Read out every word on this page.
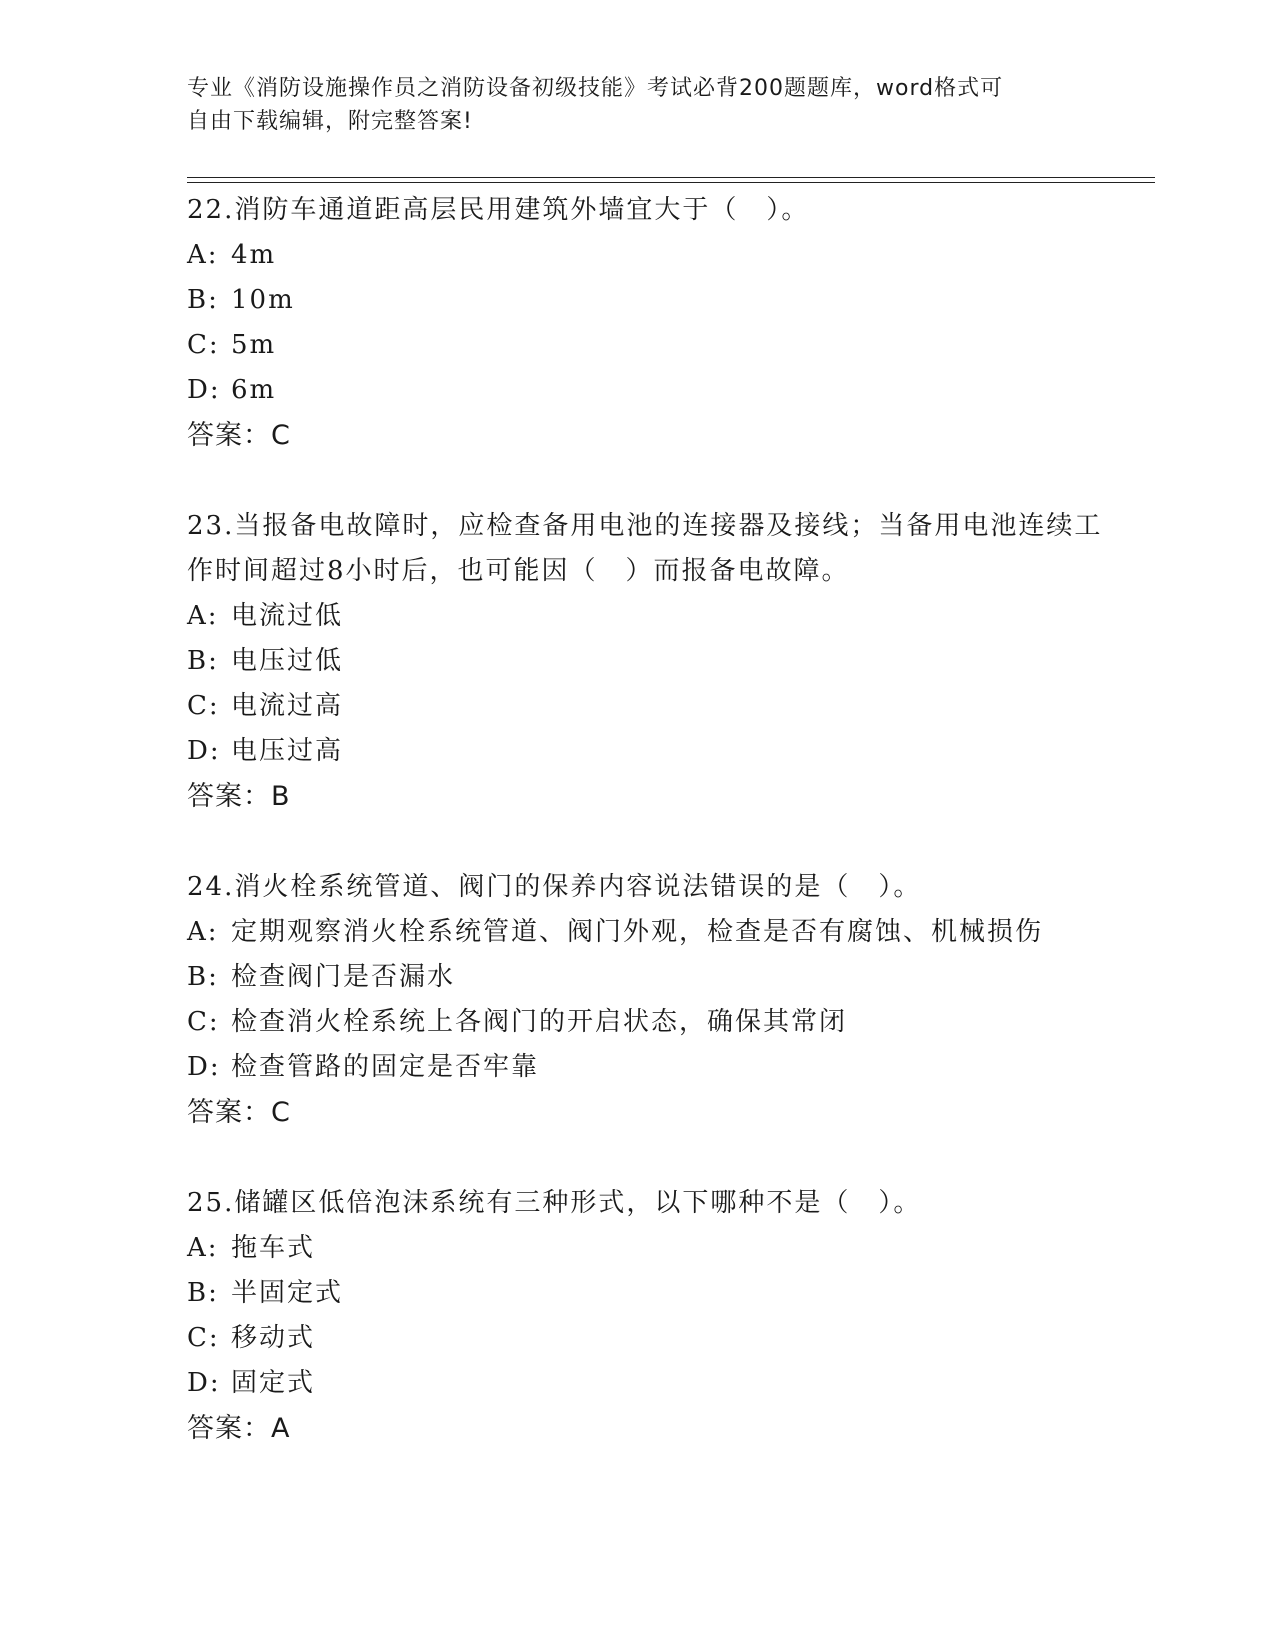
专业《消防设施操作员之消防设备初级技能》考试必背200题题库，word格式可
自由下载编辑，附完整答案!

22.消防车通道距高层民用建筑外墙宜大于（　）。

A: 4m

B: 10m

C: 5m

D: 6m

答案：C

23.当报备电故障时，应检查备用电池的连接器及接线；当备用电池连续工作时间超过8小时后，也可能因（　）而报备电故障。

A: 电流过低

B: 电压过低

C: 电流过高

D: 电压过高

答案：B

24.消火栓系统管道、阀门的保养内容说法错误的是（　）。

A: 定期观察消火栓系统管道、阀门外观，检查是否有腐蚀、机械损伤

B: 检查阀门是否漏水

C: 检查消火栓系统上各阀门的开启状态，确保其常闭

D: 检查管路的固定是否牢靠

答案：C

25.储罐区低倍泡沫系统有三种形式，以下哪种不是（　）。

A: 拖车式

B: 半固定式

C: 移动式

D: 固定式

答案：A
